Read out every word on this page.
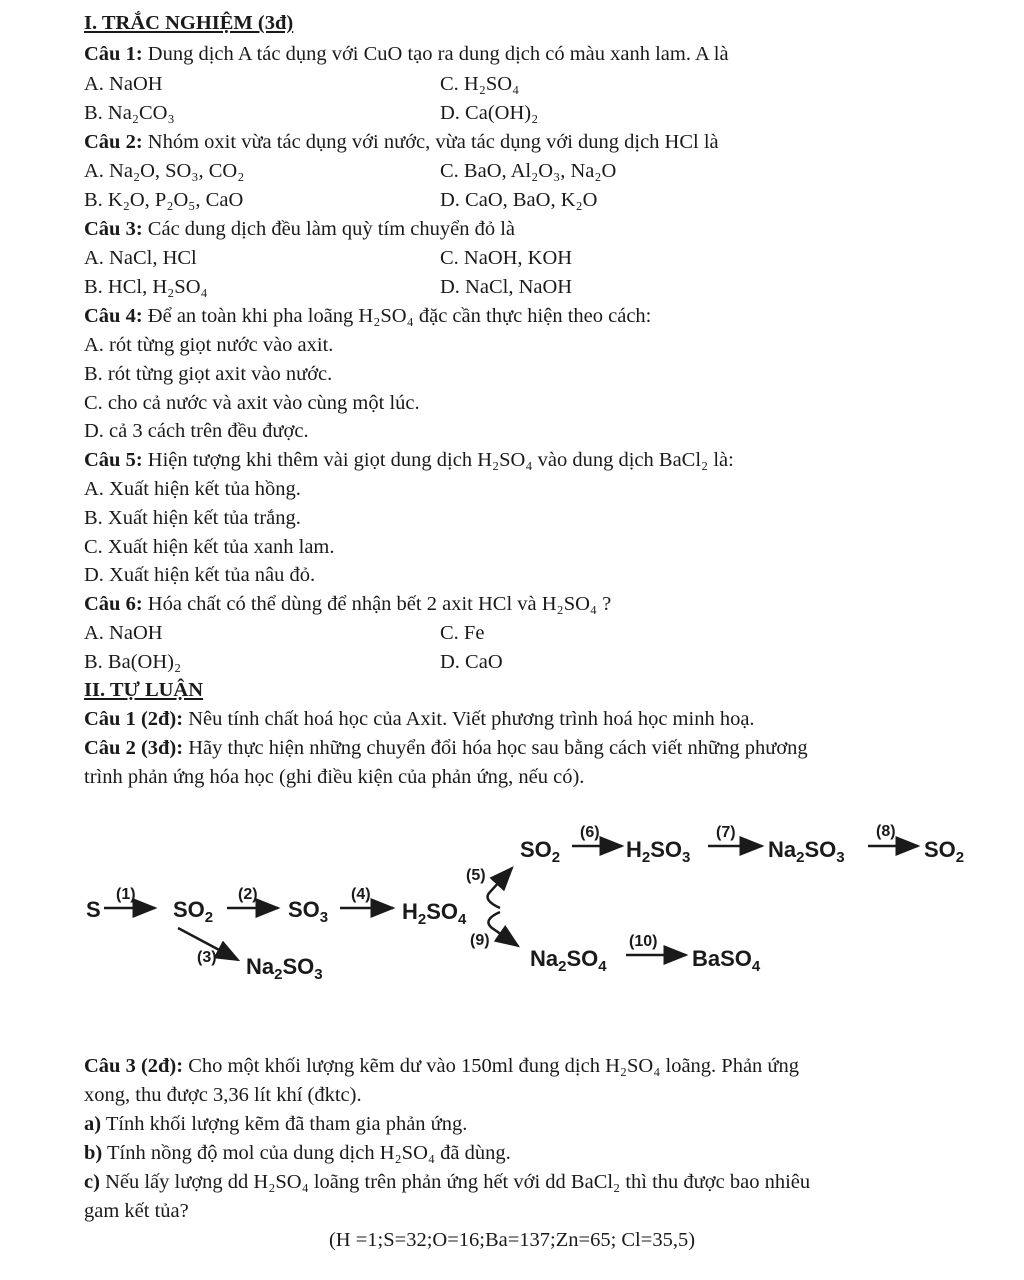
I. TRẮC NGHIỆM (3đ)
Câu 1: Dung dịch A tác dụng với CuO tạo ra dung dịch có màu xanh lam. A là
A. NaOH	C. H₂SO₄
B. Na₂CO₃	D. Ca(OH)₂
Câu 2: Nhóm oxit vừa tác dụng với nước, vừa tác dụng với dung dịch HCl là
A. Na₂O, SO₃, CO₂	C. BaO, Al₂O₃, Na₂O
B. K₂O, P₂O₅, CaO	D. CaO, BaO, K₂O
Câu 3: Các dung dịch đều làm quỳ tím chuyển đỏ là
A. NaCl, HCl	C. NaOH, KOH
B. HCl, H₂SO₄	D. NaCl, NaOH
Câu 4: Để an toàn khi pha loãng H₂SO₄ đặc cần thực hiện theo cách:
A. rót từng giọt nước vào axit.
B. rót từng giọt axit vào nước.
C. cho cả nước và axit vào cùng một lúc.
D. cả 3 cách trên đều được.
Câu 5: Hiện tượng khi thêm vài giọt dung dịch H₂SO₄ vào dung dịch BaCl₂ là:
A. Xuất hiện kết tủa hồng.
B. Xuất hiện kết tủa trắng.
C. Xuất hiện kết tủa xanh lam.
D. Xuất hiện kết tủa nâu đỏ.
Câu 6: Hóa chất có thể dùng để nhận bết 2 axit HCl và H₂SO₄ ?
A. NaOH	C. Fe
B. Ba(OH)₂	D. CaO
II. TỰ LUẬN
Câu 1 (2đ): Nêu tính chất hoá học của Axit. Viết phương trình hoá học minh hoạ.
Câu 2 (3đ): Hãy thực hiện những chuyển đổi hóa học sau bằng cách viết những phương
trình phản ứng hóa học (ghi điều kiện của phản ứng, nếu có).
S
(1)
$SO_2$
(2)
$SO_3$
(4)
$H_2SO_4$
(3) $Na_2SO_3$
(5)
(9)
$SO_2$
(6)
$H_2SO_3$
(7)
$Na_2SO_3$
(8)
$SO_2$
$Na_2SO_4$
(10)
BaSO$_4$
Câu 3 (2đ): Cho một khối lượng kẽm dư vào 150ml đung dịch H₂SO₄ loãng. Phản ứng
xong, thu được 3,36 lít khí (đktc).
a) Tính khối lượng kẽm đã tham gia phản ứng.
b) Tính nồng độ mol của dung dịch H₂SO₄ đã dùng.
c) Nếu lấy lượng dd H₂SO₄ loãng trên phản ứng hết với dd BaCl₂ thì thu được bao nhiêu
gam kết tủa?
(H =1;S=32;O=16;Ba=137;Zn=65; Cl=35,5)
